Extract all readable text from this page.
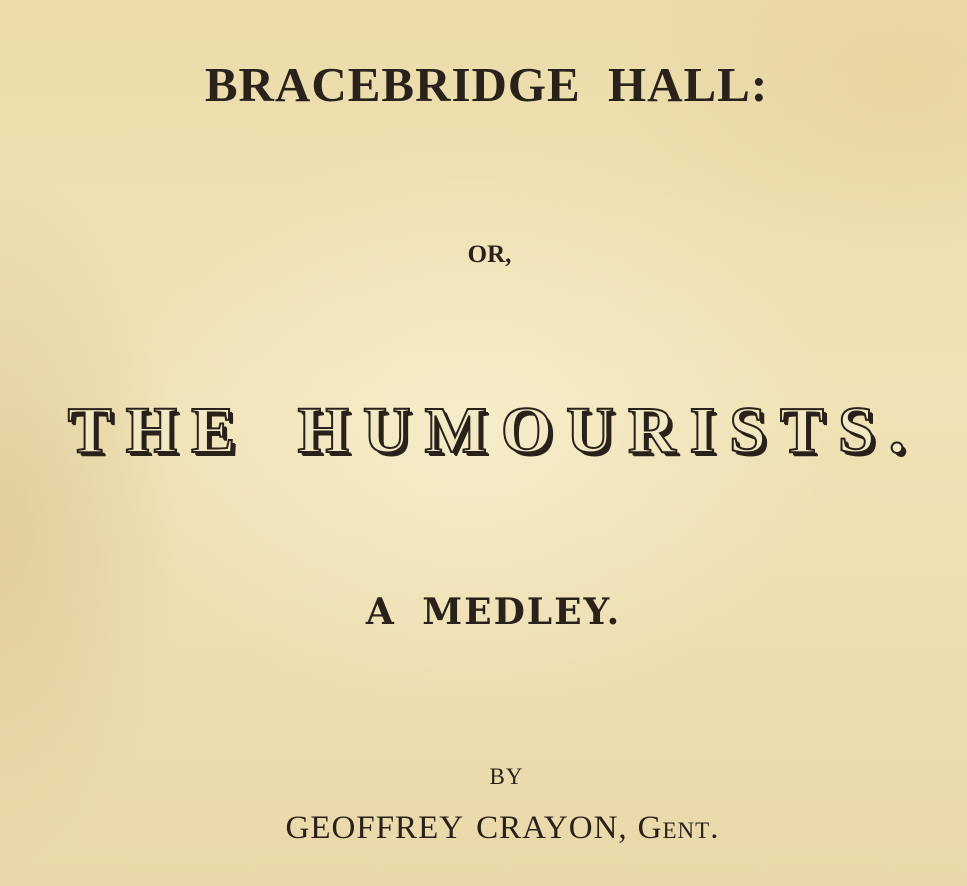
BRACEBRIDGE HALL:
OR,
THE HUMOURISTS.
A MEDLEY.
BY
GEOFFREY CRAYON, Gent.
